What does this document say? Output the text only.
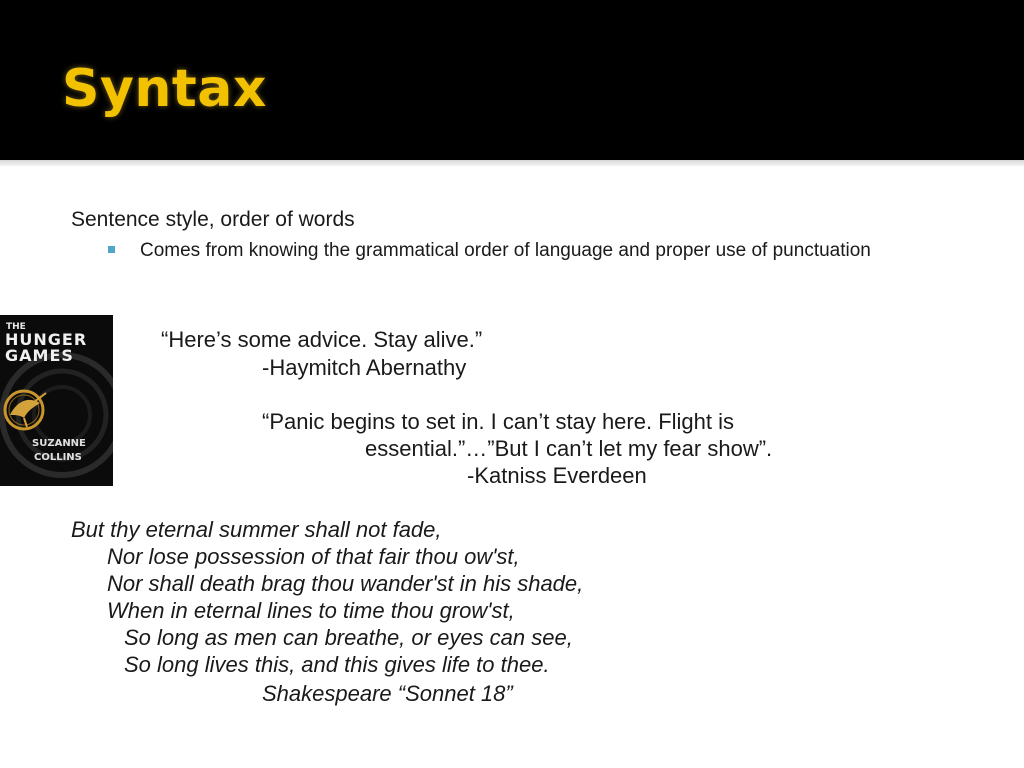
Syntax
Sentence style, order of words
Comes from knowing the grammatical order of language and proper use of punctuation
THE
HUNGER
GAMES
SUZANNE
COLLINS
“Here’s some advice. Stay alive.”
-Haymitch Abernathy
“Panic begins to set in. I can’t stay here. Flight is
essential.”…”But I can’t let my fear show”.
-Katniss Everdeen
But thy eternal summer shall not fade,
Nor lose possession of that fair thou ow'st,
Nor shall death brag thou wander'st in his shade,
When in eternal lines to time thou grow'st,
So long as men can breathe, or eyes can see,
So long lives this, and this gives life to thee.
Shakespeare “Sonnet 18”
